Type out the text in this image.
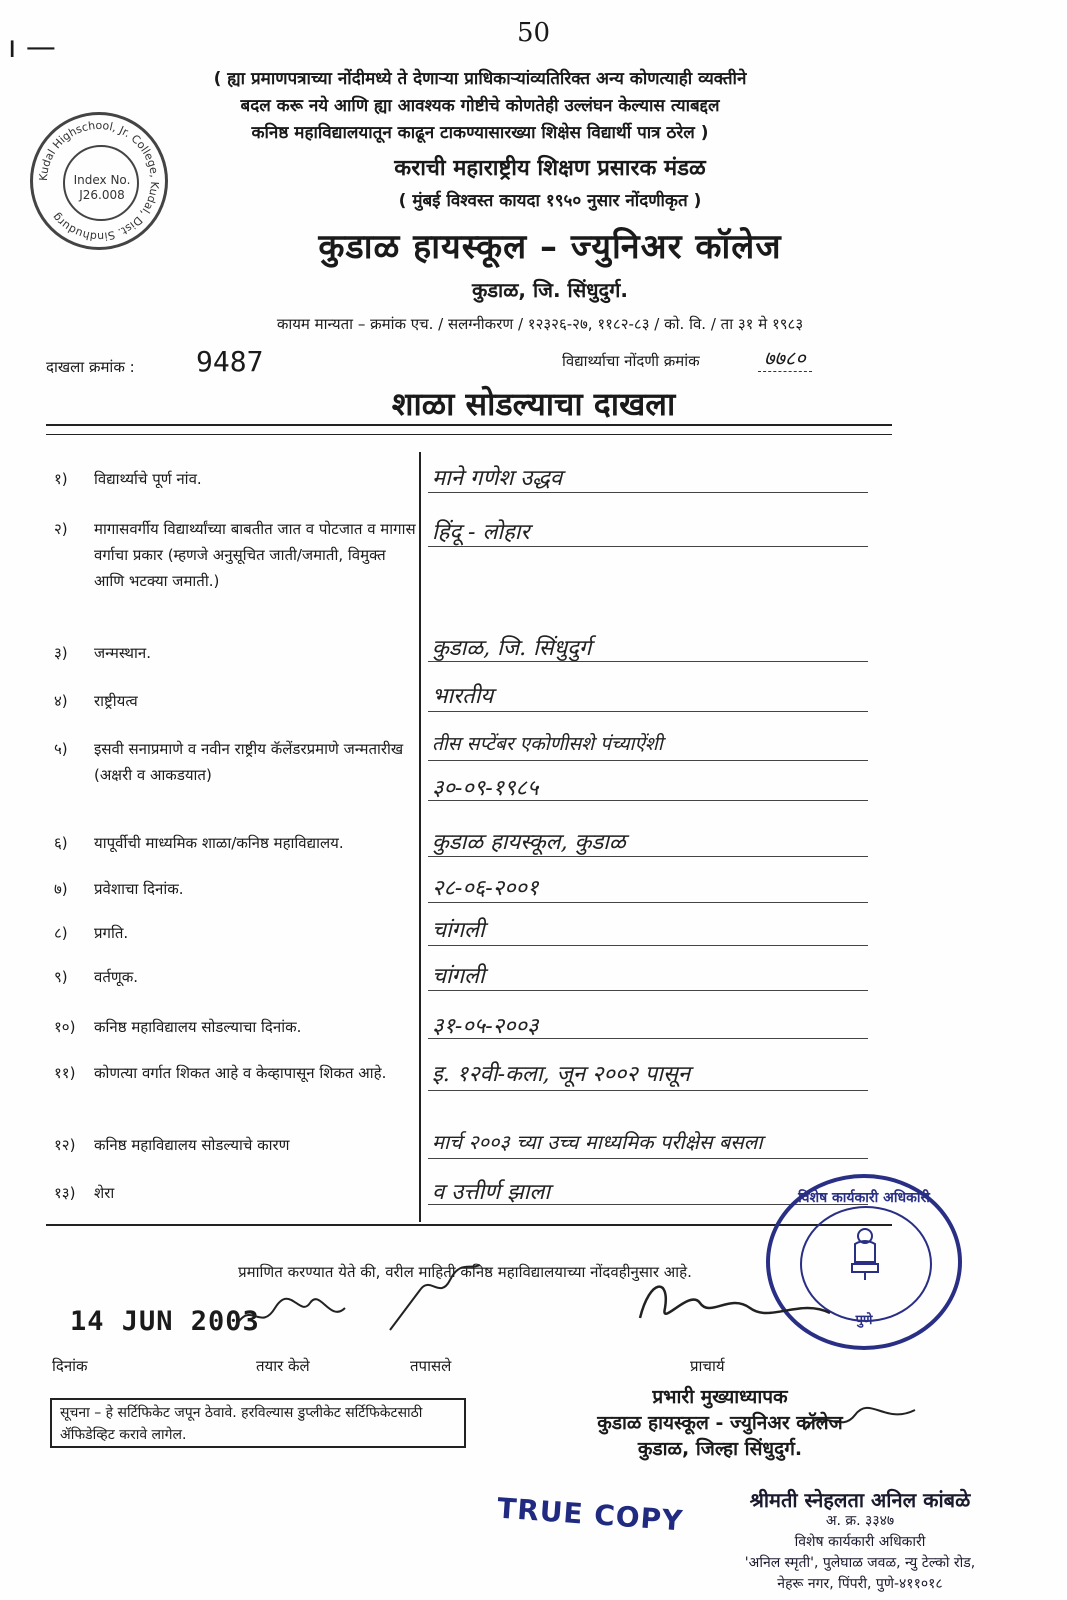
ı —	50
Kudal Highschool, Jr. College, Kudal, Dist. Sindhudurg
Index No.
J26.008
( ह्या प्रमाणपत्राच्या नोंदीमध्ये ते देणाऱ्या प्राधिकाऱ्यांव्यतिरिक्त अन्य कोणत्याही व्यक्तीने
बदल करू नये आणि ह्या आवश्यक गोष्टीचे कोणतेही उल्लंघन केल्यास त्याबद्दल
कनिष्ठ महाविद्यालयातून काढून टाकण्यासारख्या शिक्षेस विद्यार्थी पात्र ठरेल )
कराची महाराष्ट्रीय शिक्षण प्रसारक मंडळ
( मुंबई विश्वस्त कायदा १९५० नुसार नोंदणीकृत )
कुडाळ हायस्कूल – ज्युनिअर कॉलेज
कुडाळ, जि. सिंधुदुर्ग.
कायम मान्यता – क्रमांक एच. / सलग्नीकरण / १२३२६-२७, ११८२-८३ / को. वि. / ता ३१ मे १९८३
दाखला क्रमांक : 9487	विद्यार्थ्याचा नोंदणी क्रमांक	७७८०
शाळा सोडल्याचा दाखला
१) विद्यार्थ्याचे पूर्ण नांव.	माने गणेश उद्धव
२)	मागासवर्गीय विद्यार्थ्यांच्या बाबतीत जात व पोटजात व मागास वर्गाचा प्रकार (म्हणजे अनुसूचित जाती/जमाती, विमुक्त आणि भटक्या जमाती.)
हिंदू - लोहार
३) जन्मस्थान.	कुडाळ, जि. सिंधुदुर्ग
४) राष्ट्रीयत्व	भारतीय
५)	इसवी सनाप्रमाणे व नवीन राष्ट्रीय कॅलेंडरप्रमाणे जन्मतारीख (अक्षरी व आकडयात)
तीस सप्टेंबर एकोणीसशे पंच्याऐंशी
३०-०९-१९८५
६) यापूर्वीची माध्यमिक शाळा/कनिष्ठ महाविद्यालय.	कुडाळ हायस्कूल, कुडाळ
७) प्रवेशाचा दिनांक.	२८-०६-२००१
८) प्रगति.	चांगली
९) वर्तणूक.	चांगली
१०) कनिष्ठ महाविद्यालय सोडल्याचा दिनांक.	३१-०५-२००३
११)	कोणत्या वर्गात शिकत आहे व केव्हापासून शिकत आहे.	इ. १२वी-कला, जून २००२ पासून
१२) कनिष्ठ महाविद्यालय सोडल्याचे कारण	मार्च २००३ च्या उच्च माध्यमिक परीक्षेस बसला
१३) शेरा	व उत्तीर्ण झाला
प्रमाणित करण्यात येते की, वरील माहिती कनिष्ठ महाविद्यालयाच्या नोंदवहीनुसार आहे.
विशेष कार्यकारी अधिकारी
पुणे
14 JUN 2003
दिनांक	तयार केले	तपासले	प्राचार्य
सूचना – हे सर्टिफिकेट जपून ठेवावे. हरविल्यास डुप्लीकेट सर्टिफिकेटसाठी ॲफिडेव्हिट करावे लागेल.
प्रभारी मुख्याध्यापक
कुडाळ हायस्कूल - ज्युनिअर कॉलेज
कुडाळ, जिल्हा सिंधुदुर्ग.
TRUE COPY	श्रीमती स्नेहलता अनिल कांबळे
अ. क्र. ३३४७
विशेष कार्यकारी अधिकारी
'अनिल स्मृती', पुलेघाळ जवळ, न्यु टेल्को रोड,
नेहरू नगर, पिंपरी, पुणे-४११०१८
